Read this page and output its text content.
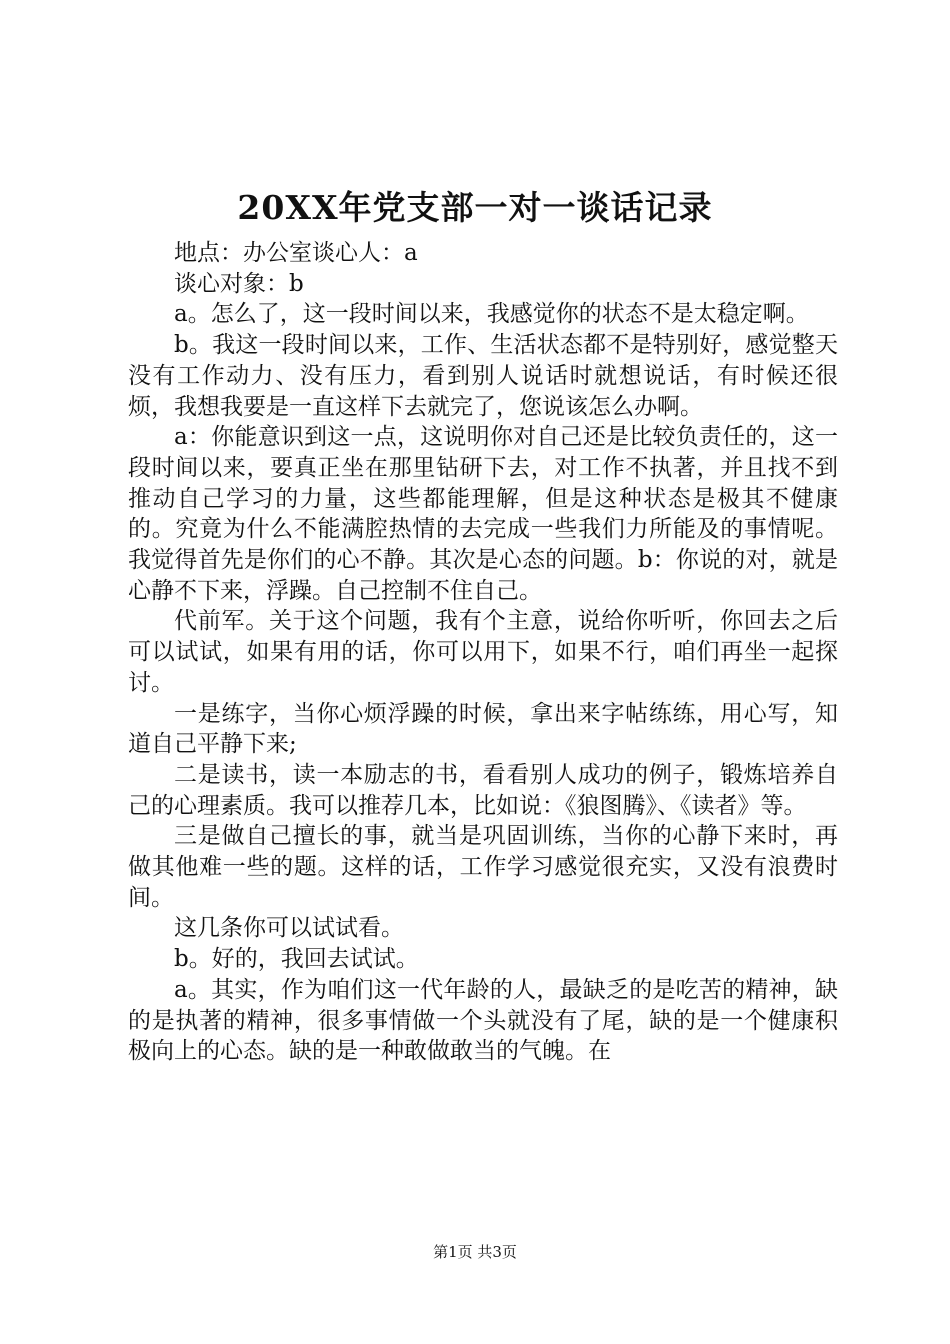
20XX年党支部一对一谈话记录

地点：办公室谈心人：a

谈心对象：b

a。怎么了，这一段时间以来，我感觉你的状态不是太稳定啊。

b。我这一段时间以来，工作、生活状态都不是特别好，感觉整天没有工作动力、没有压力，看到别人说话时就想说话，有时候还很烦，我想我要是一直这样下去就完了，您说该怎么办啊。

a：你能意识到这一点，这说明你对自己还是比较负责任的，这一段时间以来，要真正坐在那里钻研下去，对工作不执著，并且找不到推动自己学习的力量，这些都能理解，但是这种状态是极其不健康的。究竟为什么不能满腔热情的去完成一些我们力所能及的事情呢。我觉得首先是你们的心不静。其次是心态的问题。b：你说的对，就是心静不下来，浮躁。自己控制不住自己。

代前军。关于这个问题，我有个主意，说给你听听，你回去之后可以试试，如果有用的话，你可以用下，如果不行，咱们再坐一起探讨。

一是练字，当你心烦浮躁的时候，拿出来字帖练练，用心写，知道自己平静下来;

二是读书，读一本励志的书，看看别人成功的例子，锻炼培养自己的心理素质。我可以推荐几本，比如说：《狼图腾》、《读者》等。

三是做自己擅长的事，就当是巩固训练，当你的心静下来时，再做其他难一些的题。这样的话，工作学习感觉很充实，又没有浪费时间。

这几条你可以试试看。

b。好的，我回去试试。

a。其实，作为咱们这一代年龄的人，最缺乏的是吃苦的精神，缺的是执著的精神，很多事情做一个头就没有了尾，缺的是一个健康积极向上的心态。缺的是一种敢做敢当的气魄。在

第1页 共3页
